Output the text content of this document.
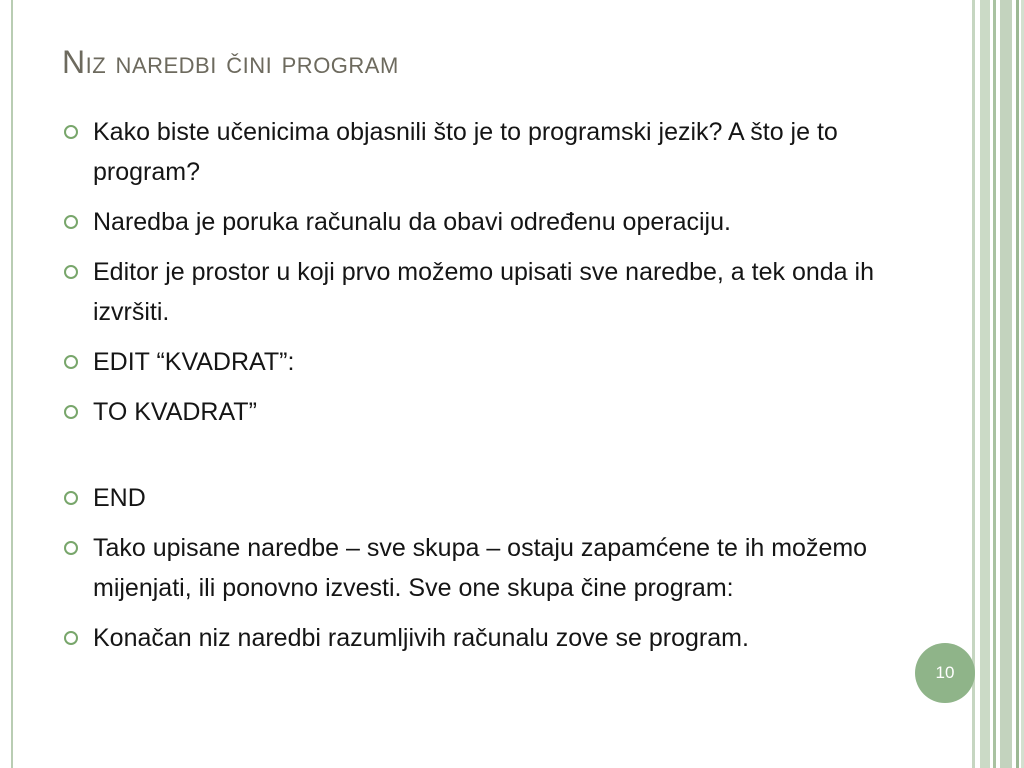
Niz naredbi čini program
Kako biste učenicima objasnili što je to programski jezik? A što je to program?
Naredba je poruka računalu da obavi određenu operaciju.
Editor je prostor u koji prvo možemo upisati sve naredbe, a tek onda ih izvršiti.
EDIT “KVADRAT”:
TO KVADRAT”
END
Tako upisane naredbe – sve skupa – ostaju zapamćene te ih možemo mijenjati, ili ponovno izvesti. Sve one skupa čine program:
Konačan niz naredbi razumljivih računalu zove se program.
10
